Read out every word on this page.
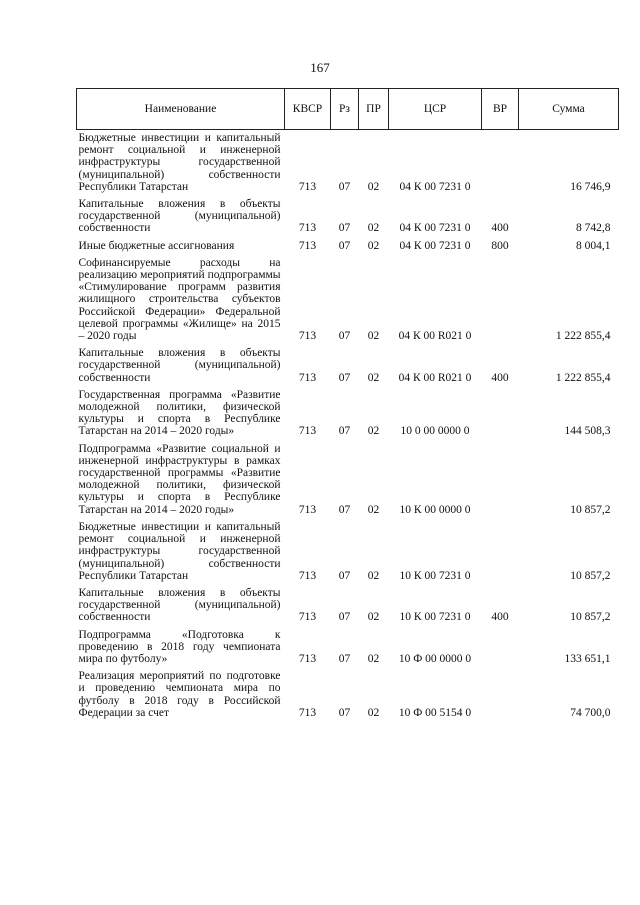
167
Наименование	КВСР	Рз	ПР	ЦСР	ВР	Сумма
Бюджетные инвестиции и капитальный ремонт социальной и инженерной инфраструктуры государственной (муниципальной) собственности Республики Татарстан	713	07	02	04 К 00 7231 0		16 746,9
Капитальные вложения в объекты государственной (муниципальной) собственности	713	07	02	04 К 00 7231 0	400	8 742,8
Иные бюджетные ассигнования	713	07	02	04 К 00 7231 0	800	8 004,1
Софинансируемые расходы на реализацию мероприятий подпрограммы «Стимулирование программ развития жилищного строительства субъектов Российской Федерации» Федеральной целевой программы «Жилище» на 2015 – 2020 годы	713	07	02	04 К 00 R021 0		1 222 855,4
Капитальные вложения в объекты государственной (муниципальной) собственности	713	07	02	04 К 00 R021 0	400	1 222 855,4
Государственная программа «Развитие молодежной политики, физической культуры и спорта в Республике Татарстан на 2014 – 2020 годы»	713	07	02	10 0 00 0000 0		144 508,3
Подпрограмма «Развитие социальной и инженерной инфраструктуры в рамках государственной программы «Развитие молодежной политики, физической культуры и спорта в Республике Татарстан на 2014 – 2020 годы»	713	07	02	10 К 00 0000 0		10 857,2
Бюджетные инвестиции и капитальный ремонт социальной и инженерной инфраструктуры государственной (муниципальной) собственности Республики Татарстан	713	07	02	10 К 00 7231 0		10 857,2
Капитальные вложения в объекты государственной (муниципальной) собственности	713	07	02	10 К 00 7231 0	400	10 857,2
Подпрограмма «Подготовка к проведению в 2018 году чемпионата мира по футболу»	713	07	02	10 Ф 00 0000 0		133 651,1
Реализация мероприятий по подготовке и проведению чемпионата мира по футболу в 2018 году в Российской Федерации за счет	713	07	02	10 Ф 00 5154 0		74 700,0
